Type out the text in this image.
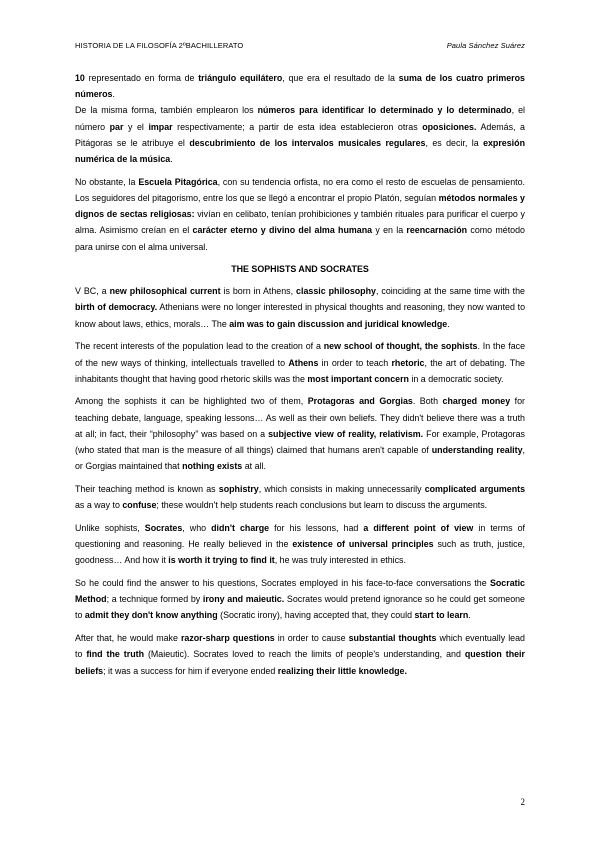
HISTORIA DE LA FILOSOFÍA 2ºBACHILLERATO	Paula Sánchez Suárez

10 representado en forma de triángulo equilátero, que era el resultado de la suma de los cuatro primeros números.

De la misma forma, también emplearon los números para identificar lo determinado y lo determinado, el número par y el impar respectivamente; a partir de esta idea establecieron otras oposiciones. Además, a Pitágoras se le atribuye el descubrimiento de los intervalos musicales regulares, es decir, la expresión numérica de la música.

No obstante, la Escuela Pitagórica, con su tendencia orfista, no era como el resto de escuelas de pensamiento. Los seguidores del pitagorismo, entre los que se llegó a encontrar el propio Platón, seguían métodos normales y dignos de sectas religiosas: vivían en celibato, tenían prohibiciones y también rituales para purificar el cuerpo y alma. Asimismo creían en el carácter eterno y divino del alma humana y en la reencarnación como método para unirse con el alma universal.

THE SOPHISTS AND SOCRATES

V BC, a new philosophical current is born in Athens, classic philosophy, coinciding at the same time with the birth of democracy. Athenians were no longer interested in physical thoughts and reasoning, they now wanted to know about laws, ethics, morals… The aim was to gain discussion and juridical knowledge.

The recent interests of the population lead to the creation of a new school of thought, the sophists. In the face of the new ways of thinking, intellectuals travelled to Athens in order to teach rhetoric, the art of debating. The inhabitants thought that having good rhetoric skills was the most important concern in a democratic society.

Among the sophists it can be highlighted two of them, Protagoras and Gorgias. Both charged money for teaching debate, language, speaking lessons… As well as their own beliefs. They didn't believe there was a truth at all; in fact, their “philosophy” was based on a subjective view of reality, relativism. For example, Protagoras (who stated that man is the measure of all things) claimed that humans aren't capable of understanding reality, or Gorgias maintained that nothing exists at all.

Their teaching method is known as sophistry, which consists in making unnecessarily complicated arguments as a way to confuse; these wouldn't help students reach conclusions but learn to discuss the arguments.

Unlike sophists, Socrates, who didn't charge for his lessons, had a different point of view in terms of questioning and reasoning. He really believed in the existence of universal principles such as truth, justice, goodness… And how it is worth it trying to find it, he was truly interested in ethics.

So he could find the answer to his questions, Socrates employed in his face-to-face conversations the Socratic Method; a technique formed by irony and maieutic. Socrates would pretend ignorance so he could get someone to admit they don't know anything (Socratic irony), having accepted that, they could start to learn.

After that, he would make razor-sharp questions in order to cause substantial thoughts which eventually lead to find the truth (Maieutic). Socrates loved to reach the limits of people's understanding, and question their beliefs; it was a success for him if everyone ended realizing their little knowledge.

2
